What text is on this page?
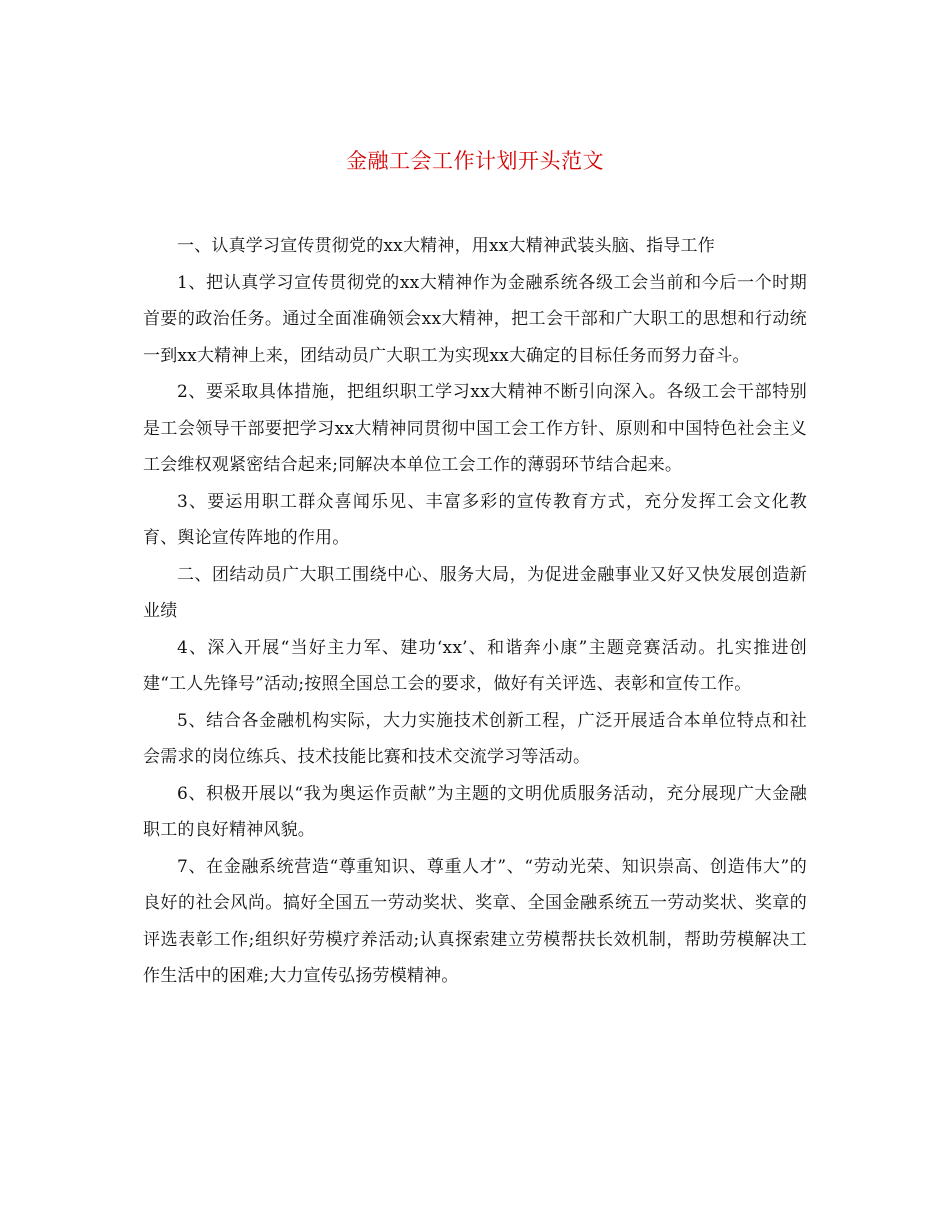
金融工会工作计划开头范文

一、认真学习宣传贯彻党的xx大精神，用xx大精神武装头脑、指导工作

1、把认真学习宣传贯彻党的xx大精神作为金融系统各级工会当前和今后一个时期首要的政治任务。通过全面准确领会xx大精神，把工会干部和广大职工的思想和行动统一到xx大精神上来，团结动员广大职工为实现xx大确定的目标任务而努力奋斗。

2、要采取具体措施，把组织职工学习xx大精神不断引向深入。各级工会干部特别是工会领导干部要把学习xx大精神同贯彻中国工会工作方针、原则和中国特色社会主义工会维权观紧密结合起来;同解决本单位工会工作的薄弱环节结合起来。

3、要运用职工群众喜闻乐见、丰富多彩的宣传教育方式，充分发挥工会文化教育、舆论宣传阵地的作用。

二、团结动员广大职工围绕中心、服务大局，为促进金融事业又好又快发展创造新业绩

4、深入开展“当好主力军、建功‘xx’、和谐奔小康”主题竞赛活动。扎实推进创建“工人先锋号”活动;按照全国总工会的要求，做好有关评选、表彰和宣传工作。

5、结合各金融机构实际，大力实施技术创新工程，广泛开展适合本单位特点和社会需求的岗位练兵、技术技能比赛和技术交流学习等活动。

6、积极开展以“我为奥运作贡献”为主题的文明优质服务活动，充分展现广大金融职工的良好精神风貌。

7、在金融系统营造“尊重知识、尊重人才”、“劳动光荣、知识崇高、创造伟大”的良好的社会风尚。搞好全国五一劳动奖状、奖章、全国金融系统五一劳动奖状、奖章的评选表彰工作;组织好劳模疗养活动;认真探索建立劳模帮扶长效机制，帮助劳模解决工作生活中的困难;大力宣传弘扬劳模精神。
